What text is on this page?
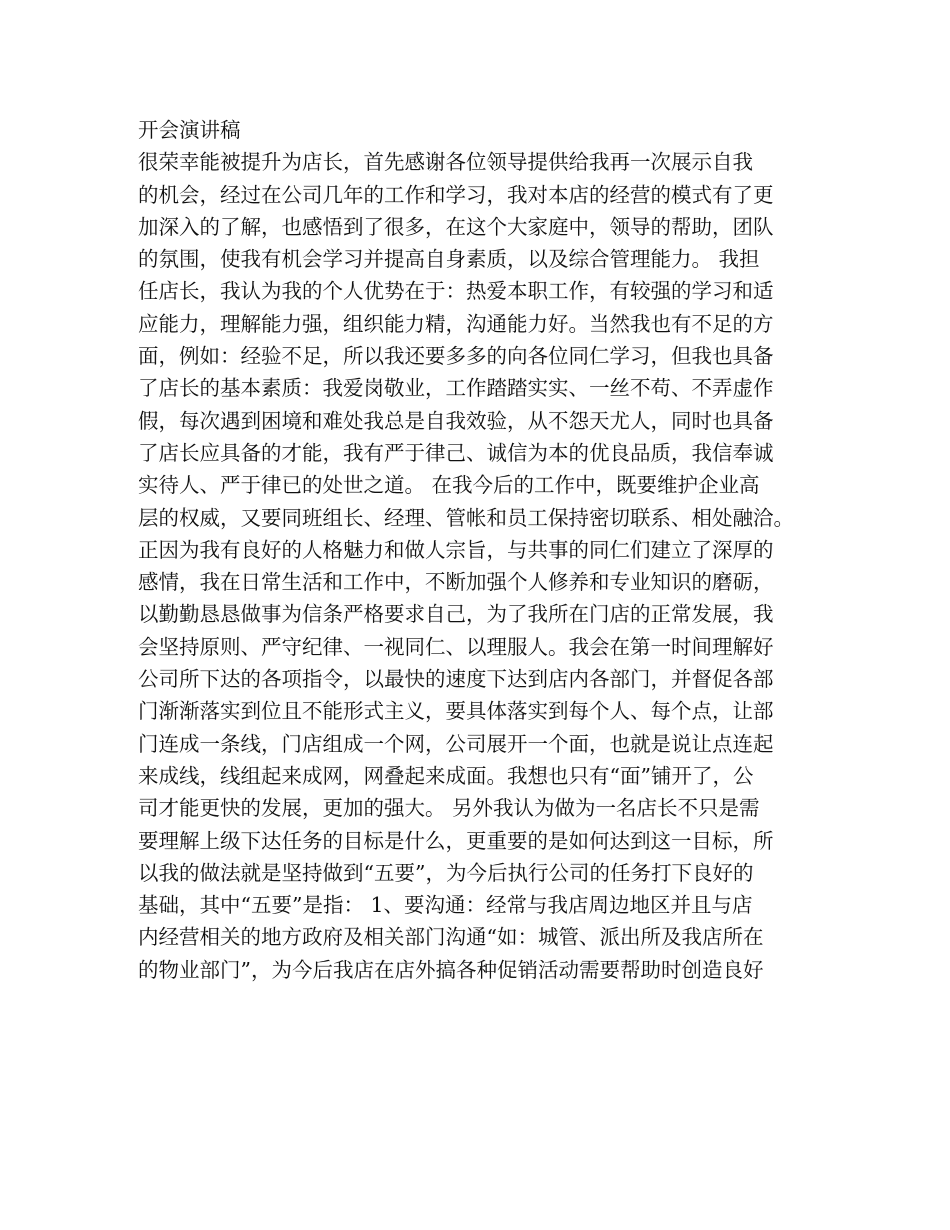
开会演讲稿
很荣幸能被提升为店长，首先感谢各位领导提供给我再一次展示自我
的机会，经过在公司几年的工作和学习，我对本店的经营的模式有了更
加深入的了解，也感悟到了很多，在这个大家庭中，领导的帮助，团队
的氛围，使我有机会学习并提高自身素质，以及综合管理能力。 我担
任店长，我认为我的个人优势在于：热爱本职工作，有较强的学习和适
应能力，理解能力强，组织能力精，沟通能力好。当然我也有不足的方
面，例如：经验不足，所以我还要多多的向各位同仁学习，但我也具备
了店长的基本素质：我爱岗敬业，工作踏踏实实、一丝不苟、不弄虚作
假，每次遇到困境和难处我总是自我效验，从不怨天尤人，同时也具备
了店长应具备的才能，我有严于律己、诚信为本的优良品质，我信奉诚
实待人、严于律已的处世之道。 在我今后的工作中，既要维护企业高
层的权威，又要同班组长、经理、管帐和员工保持密切联系、相处融洽。
正因为我有良好的人格魅力和做人宗旨，与共事的同仁们建立了深厚的
感情，我在日常生活和工作中，不断加强个人修养和专业知识的磨砺，
以勤勤恳恳做事为信条严格要求自己，为了我所在门店的正常发展，我
会坚持原则、严守纪律、一视同仁、以理服人。我会在第一时间理解好
公司所下达的各项指令，以最快的速度下达到店内各部门，并督促各部
门渐渐落实到位且不能形式主义，要具体落实到每个人、每个点，让部
门连成一条线，门店组成一个网，公司展开一个面，也就是说让点连起
来成线，线组起来成网，网叠起来成面。我想也只有“面”铺开了，公
司才能更快的发展，更加的强大。 另外我认为做为一名店长不只是需
要理解上级下达任务的目标是什么，更重要的是如何达到这一目标，所
以我的做法就是坚持做到“五要”，为今后执行公司的任务打下良好的
基础，其中“五要”是指： 1、要沟通：经常与我店周边地区并且与店
内经营相关的地方政府及相关部门沟通“如：城管、派出所及我店所在
的物业部门”，为今后我店在店外搞各种促销活动需要帮助时创造良好
